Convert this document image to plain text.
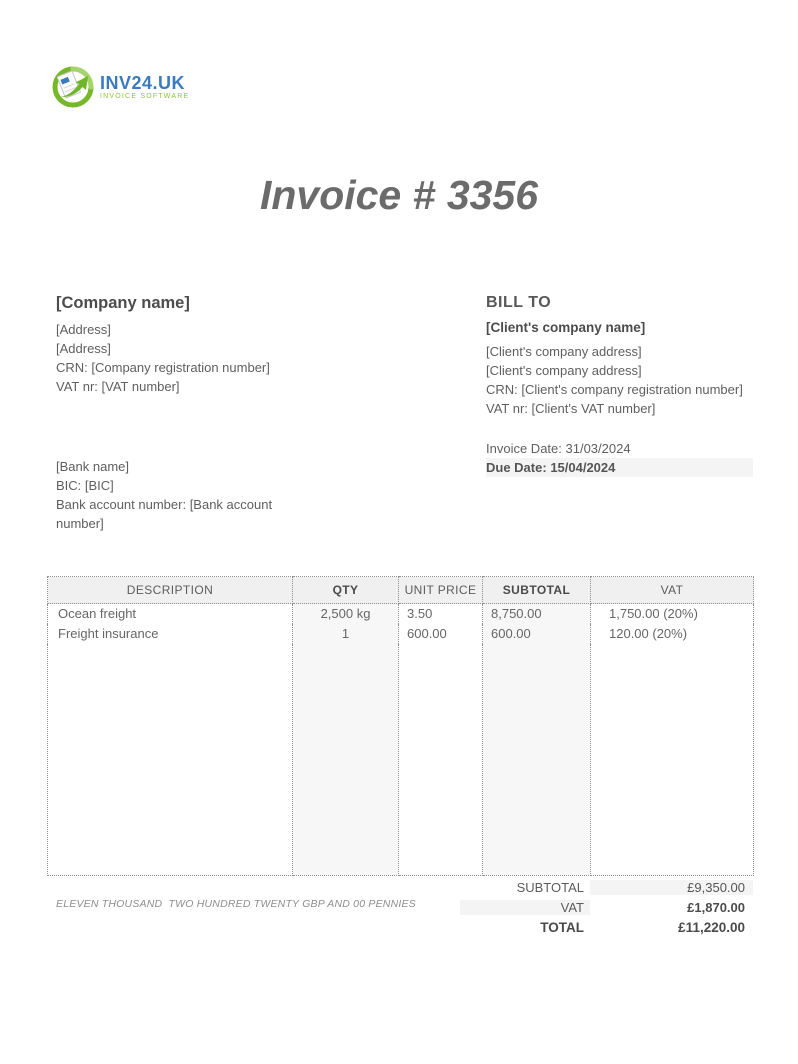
INV24.UK
INVOICE SOFTWARE
Invoice # 3356
[Company name]
[Address]
[Address]
CRN: [Company registration number]
VAT nr: [VAT number]
BILL TO
[Client's company name]
[Client's company address]
[Client's company address]
CRN: [Client's company registration number]
VAT nr: [Client's VAT number]
Invoice Date: 31/03/2024
Due Date: 15/04/2024
[Bank name]
BIC: [BIC]
Bank account number: [Bank account number]
DESCRIPTION	QTY	UNIT PRICE	SUBTOTAL	VAT
Ocean freight	2,500 kg	3.50	8,750.00	1,750.00 (20%)
Freight insurance	1	600.00	600.00	120.00 (20%)

SUBTOTAL	£9,350.00
VAT	£1,870.00
TOTAL	£11,220.00
ELEVEN THOUSAND  TWO HUNDRED TWENTY GBP AND 00 PENNIES
